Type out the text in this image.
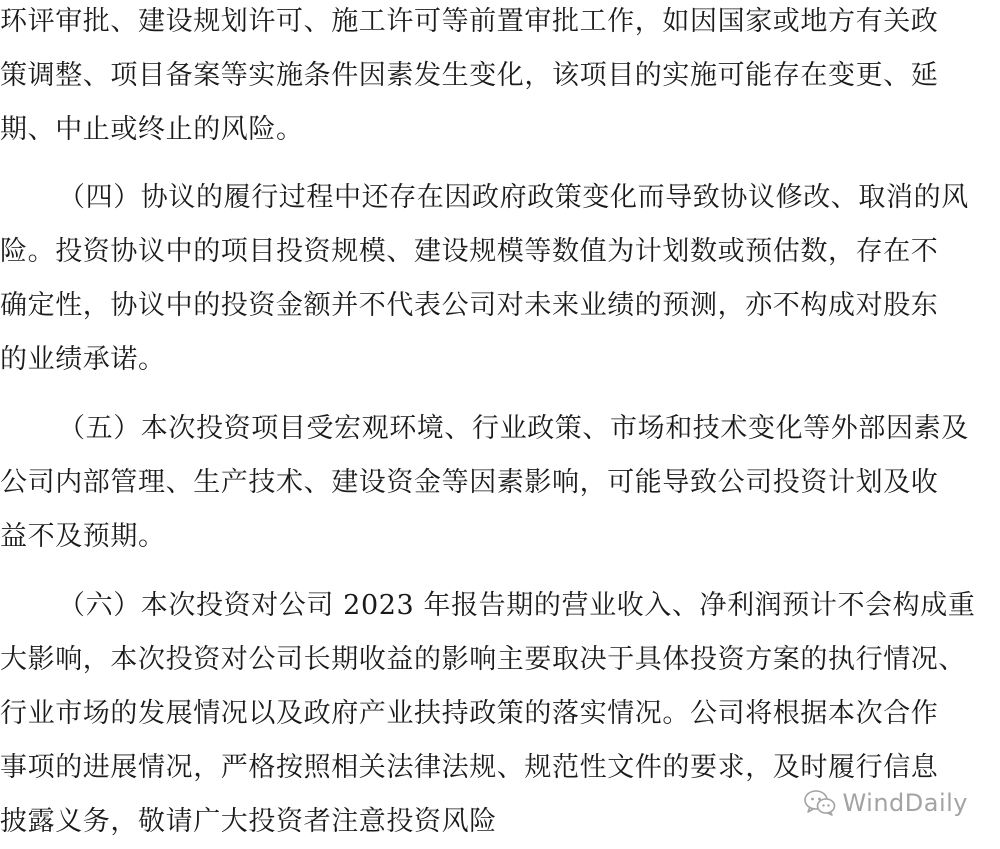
环评审批、建设规划许可、施工许可等前置审批工作，如因国家或地方有关政
策调整、项目备案等实施条件因素发生变化，该项目的实施可能存在变更、延
期、中止或终止的风险。
（四）协议的履行过程中还存在因政府政策变化而导致协议修改、取消的风
险。投资协议中的项目投资规模、建设规模等数值为计划数或预估数，存在不
确定性，协议中的投资金额并不代表公司对未来业绩的预测，亦不构成对股东
的业绩承诺。
（五）本次投资项目受宏观环境、行业政策、市场和技术变化等外部因素及
公司内部管理、生产技术、建设资金等因素影响，可能导致公司投资计划及收
益不及预期。
（六）本次投资对公司 2023 年报告期的营业收入、净利润预计不会构成重
大影响，本次投资对公司长期收益的影响主要取决于具体投资方案的执行情况、
行业市场的发展情况以及政府产业扶持政策的落实情况。公司将根据本次合作
事项的进展情况，严格按照相关法律法规、规范性文件的要求，及时履行信息
披露义务，敬请广大投资者注意投资风险
WindDaily
